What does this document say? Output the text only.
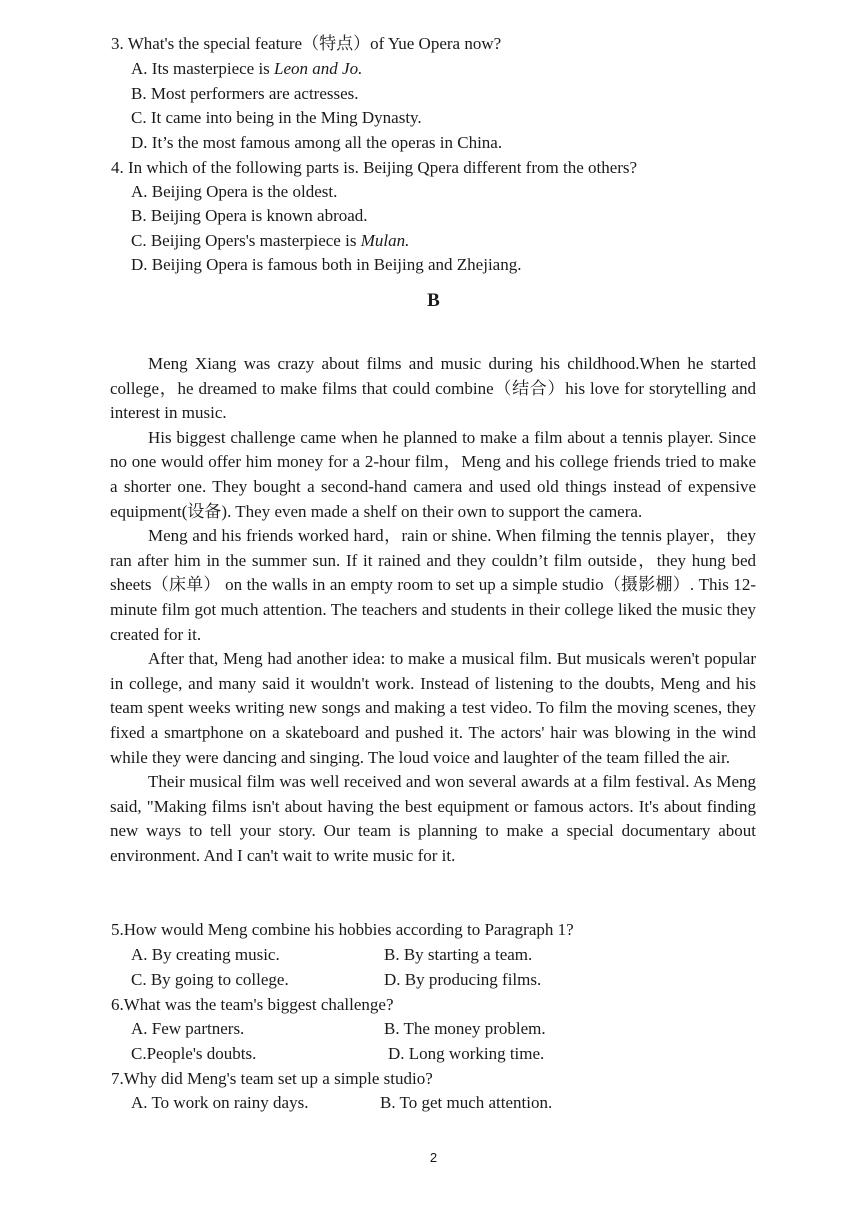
3. What's the special feature（特点）of Yue Opera now?
A. Its masterpiece is Leon and Jo.
B. Most performers are actresses.
C. It came into being in the Ming Dynasty.
D. It’s the most famous among all the operas in China.
4. In which of the following parts is. Beijing Qpera different from the others?
A. Beijing Opera is the oldest.
B. Beijing Opera is known abroad.
C. Beijing Opers's masterpiece is Mulan.
D. Beijing Opera is famous both in Beijing and Zhejiang.
B

Meng Xiang was crazy about films and music during his childhood.When he started college，he dreamed to make films that could combine（结合）his love for storytelling and interest in music.

His biggest challenge came when he planned to make a film about a tennis player. Since no one would offer him money for a 2-hour film，Meng and his college friends tried to make a shorter one. They bought a second-hand camera and used old things instead of expensive equipment(设备). They even made a shelf on their own to support the camera.

Meng and his friends worked hard，rain or shine. When filming the tennis player，they ran after him in the summer sun. If it rained and they couldn’t film outside，they hung bed sheets（床单） on the walls in an empty room to set up a simple studio（摄影棚）. This 12-minute film got much attention. The teachers and students in their college liked the music they created for it.

After that, Meng had another idea: to make a musical film. But musicals weren't popular in college, and many said it wouldn't work. Instead of listening to the doubts, Meng and his team spent weeks writing new songs and making a test video. To film the moving scenes, they fixed a smartphone on a skateboard and pushed it. The actors' hair was blowing in the wind while they were dancing and singing. The loud voice and laughter of the team filled the air.

Their musical film was well received and won several awards at a film festival. As Meng said, "Making films isn't about having the best equipment or famous actors. It's about finding new ways to tell your story. Our team is planning to make a special documentary about environment. And I can't wait to write music for it.

5.How would Meng combine his hobbies according to Paragraph 1?
A. By creating music.	B. By starting a team.
C. By going to college.	D. By producing films.
6.What was the team's biggest challenge?
A. Few partners.	B. The money problem.
C.People's doubts.	D. Long working time.
7.Why did Meng's team set up a simple studio?
A. To work on rainy days.	B. To get much attention.
2
